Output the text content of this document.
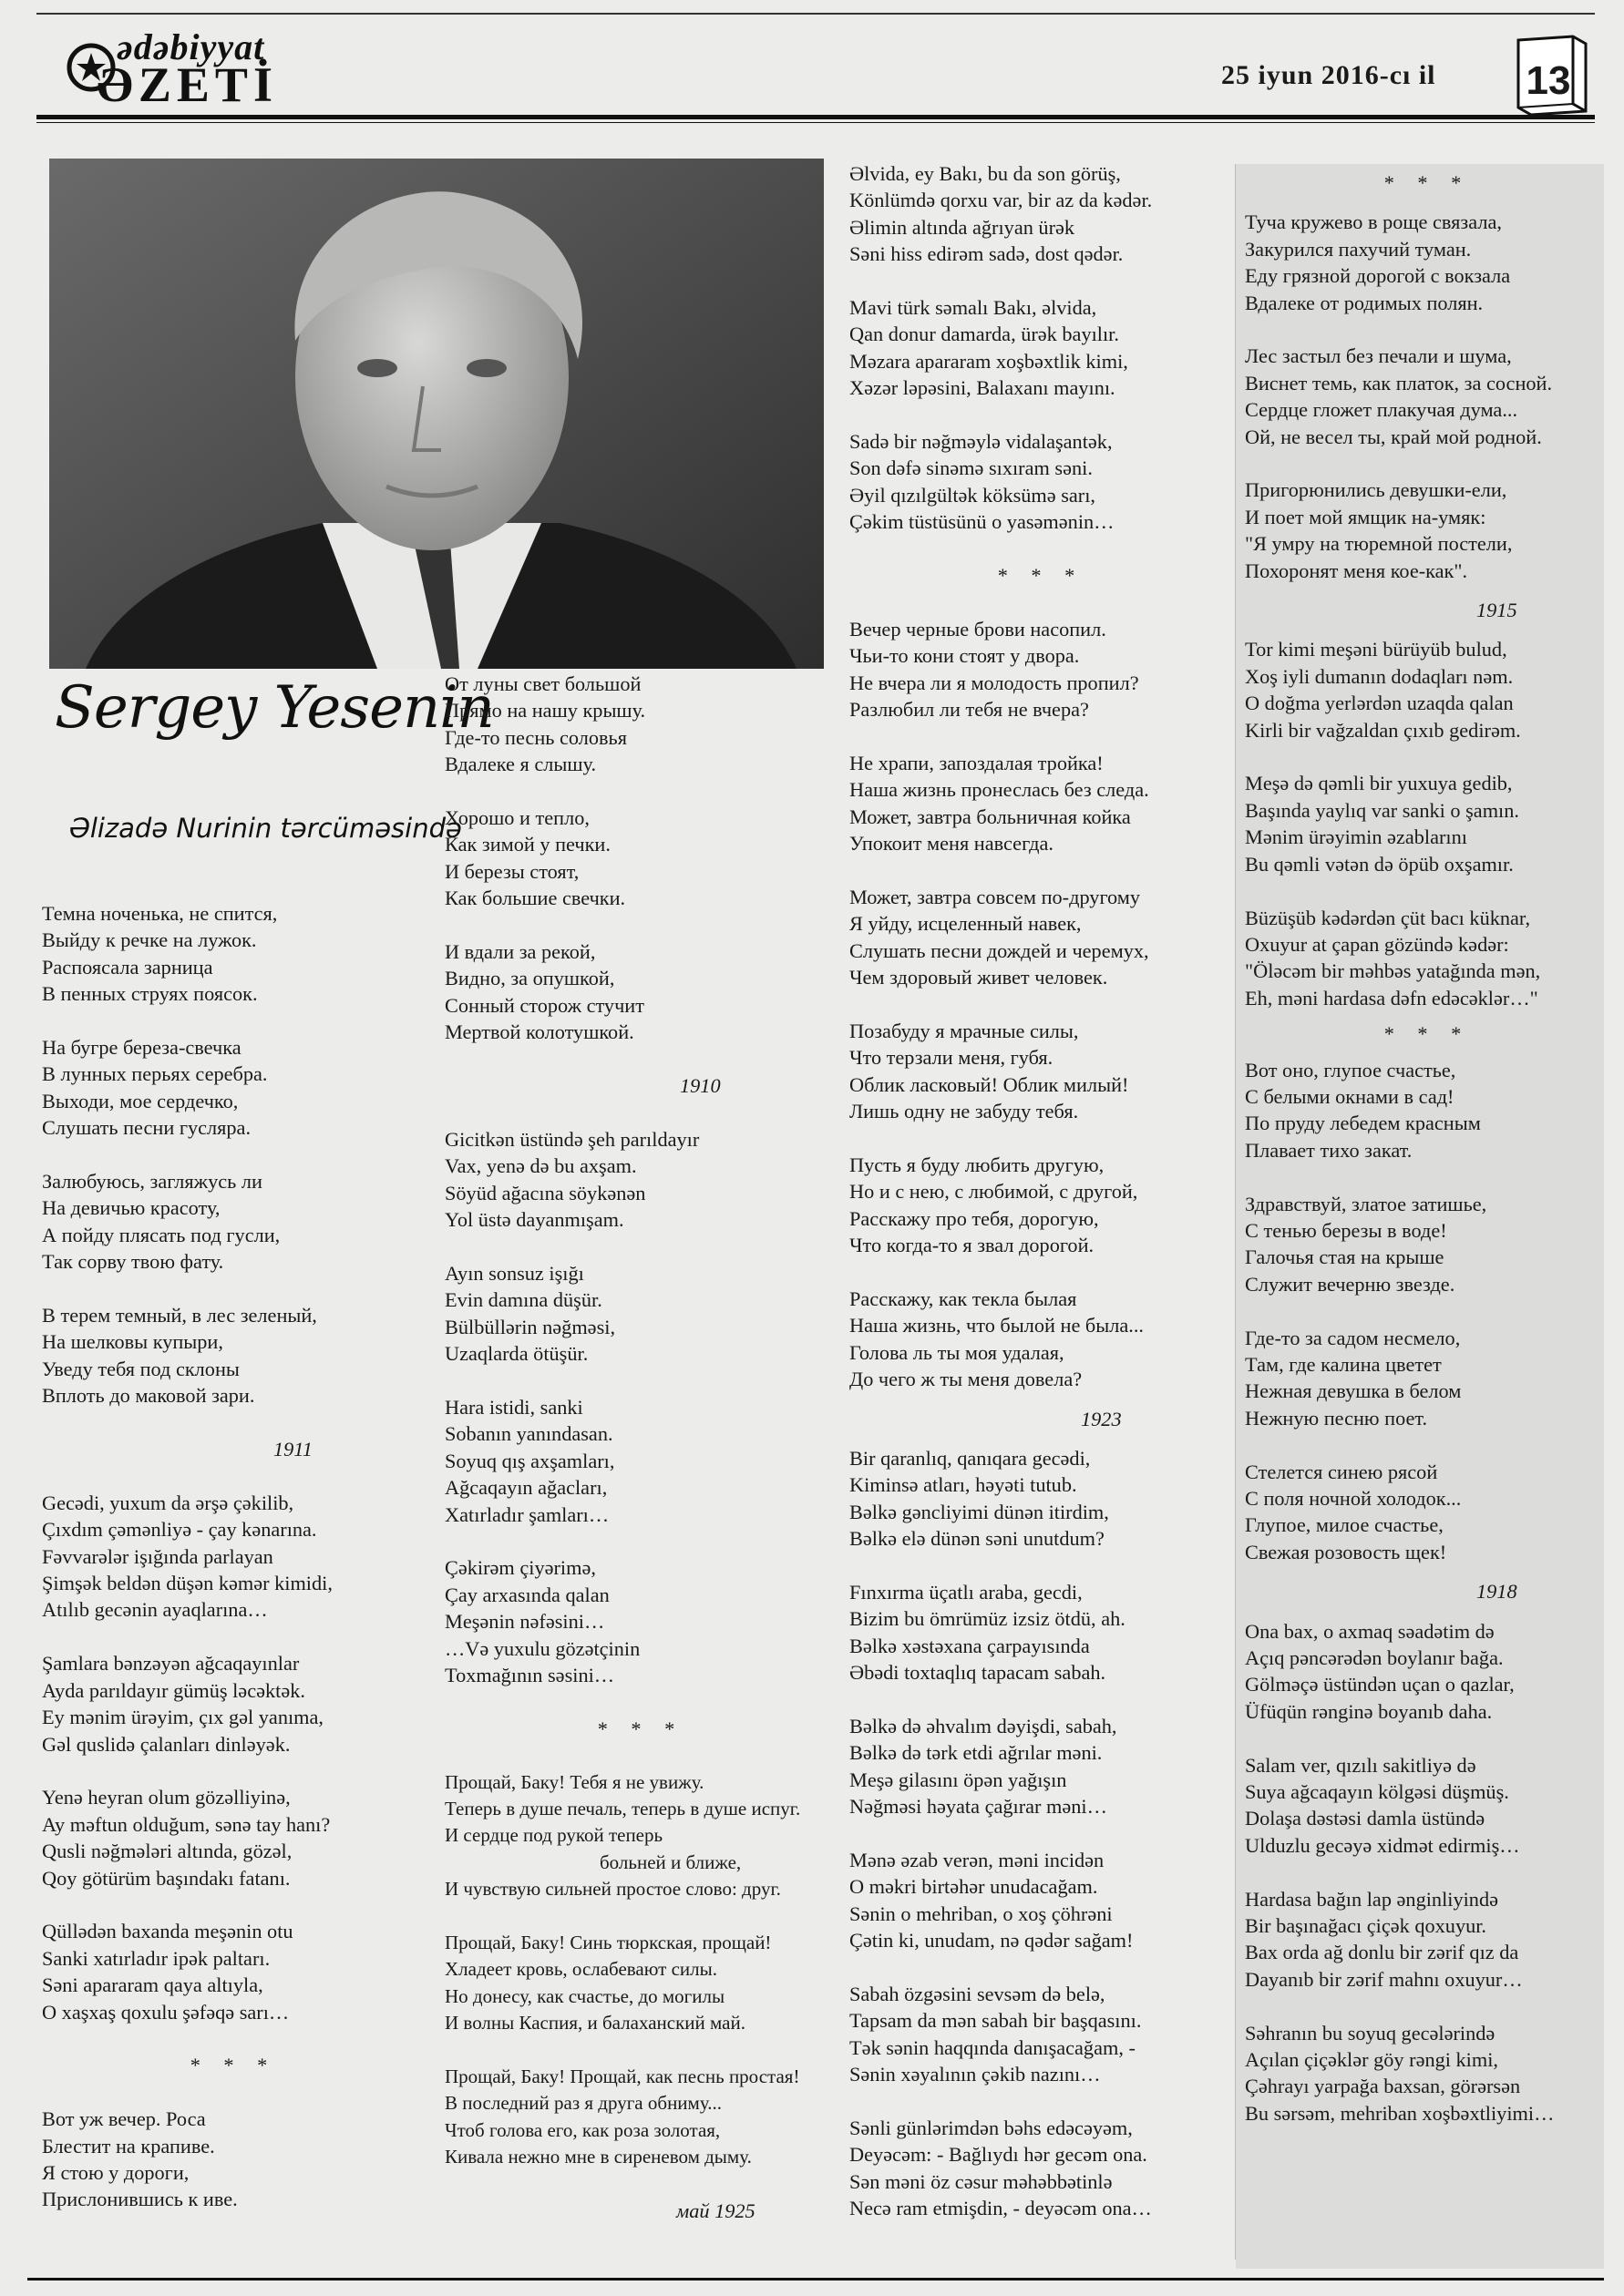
ədəbiyyat
ƏZETİ	25 iyun 2016-cı il 13
Sergey Yesenin
Əlizadə Nurinin tərcüməsində

Темна ноченька, не спится,
Выйду к речке на лужок.
Распоясала зарница
В пенных струях поясок.

На бугре береза-свечка
В лунных перьях серебра.
Выходи, мое сердечко,
Слушать песни гусляра.

Залюбуюсь, загляжусь ли
На девичью красоту,
А пойду плясать под гусли,
Так сорву твою фату.

В терем темный, в лес зеленый,
На шелковы купыри,
Уведу тебя под склоны
Вплоть до маковой зари.

1911

Gecədi, yuxum da ərşə çəkilib,
Çıxdım çəmənliyə - çay kənarına.
Fəvvarələr işığında parlayan
Şimşək beldən düşən kəmər kimidi,
Atılıb gecənin ayaqlarına…

Şamlara bənzəyən ağcaqayınlar
Ayda parıldayır gümüş ləcəktək.
Ey mənim ürəyim, çıx gəl yanıma,
Gəl quslidə çalanları dinləyək.

Yenə heyran olum gözəlliyinə,
Ay məftun olduğum, sənə tay hanı?
Qusli nəğmələri altında, gözəl,
Qoy götürüm başındakı fatanı.

Qüllədən baxanda meşənin otu
Sanki xatırladır ipək paltarı.
Səni apararam qaya altıyla,
O xaşxaş qoxulu şəfəqə sarı…

* * *

Вот уж вечер. Роса
Блестит на крапиве.
Я стою у дороги,
Прислонившись к иве.

От луны свет большой
Прямо на нашу крышу.
Где-то песнь соловья
Вдалеке я слышу.

Хорошо и тепло,
Как зимой у печки.
И березы стоят,
Как большие свечки.

И вдали за рекой,
Видно, за опушкой,
Сонный сторож стучит
Мертвой колотушкой.

1910

Gicitkən üstündə şeh parıldayır
Vax, yenə də bu axşam.
Söyüd ağacına söykənən
Yol üstə dayanmışam.

Ayın sonsuz işığı
Evin damına düşür.
Bülbüllərin nəğməsi,
Uzaqlarda ötüşür.

Hara istidi, sanki
Sobanın yanındasan.
Soyuq qış axşamları,
Ağcaqayın ağacları,
Xatırladır şamları…

Çəkirəm çiyərimə,
Çay arxasında qalan
Meşənin nəfəsini…
…Və yuxulu gözətçinin
Toxmağının səsini…

* * *

Прощай, Баку! Тебя я не увижу.
Теперь в душе печаль, теперь в душе испуг.
И сердце под рукой теперь

больней и ближе,

И чувствую сильней простое слово: друг.

Прощай, Баку! Синь тюркская, прощай!
Хладеет кровь, ослабевают силы.
Но донесу, как счастье, до могилы
И волны Каспия, и балаханский май.

Прощай, Баку! Прощай, как песнь простая!
В последний раз я друга обниму...
Чтоб голова его, как роза золотая,
Кивала нежно мне в сиреневом дыму.

май 1925

Əlvida, ey Bakı, bu da son görüş,
Könlümdə qorxu var, bir az da kədər.
Əlimin altında ağrıyan ürək
Səni hiss edirəm sadə, dost qədər.

Mavi türk səmalı Bakı, əlvida,
Qan donur damarda, ürək bayılır.
Məzara apararam xoşbəxtlik kimi,
Xəzər ləpəsini, Balaxanı mayını.

Sadə bir nəğməylə vidalaşantək,
Son dəfə sinəmə sıxıram səni.
Əyil qızılgültək köksümə sarı,
Çəkim tüstüsünü o yasəmənin…

* * *

Вечер черные брови насопил.
Чьи-то кони стоят у двора.
Не вчера ли я молодость пропил?
Разлюбил ли тебя не вчера?

Не храпи, запоздалая тройка!
Наша жизнь пронеслась без следа.
Может, завтра больничная койка
Упокоит меня навсегда.

Может, завтра совсем по-другому
Я уйду, исцеленный навек,
Слушать песни дождей и черемух,
Чем здоровый живет человек.

Позабуду я мрачные силы,
Что терзали меня, губя.
Облик ласковый! Облик милый!
Лишь одну не забуду тебя.

Пусть я буду любить другую,
Но и с нею, с любимой, с другой,
Расскажу про тебя, дорогую,
Что когда-то я звал дорогой.

Расскажу, как текла былая
Наша жизнь, что былой не была...
Голова ль ты моя удалая,
До чего ж ты меня довела?

1923

Bir qaranlıq, qanıqara gecədi,
Kiminsə atları, həyəti tutub.
Bəlkə gəncliyimi dünən itirdim,
Bəlkə elə dünən səni unutdum?

Fınxırma üçatlı araba, gecdi,
Bizim bu ömrümüz izsiz ötdü, ah.
Bəlkə xəstəxana çarpayısında
Əbədi toxtaqlıq tapacam sabah.

Bəlkə də əhvalım dəyişdi, sabah,
Bəlkə də tərk etdi ağrılar məni.
Meşə gilasını öpən yağışın
Nəğməsi həyata çağırar məni…

Mənə əzab verən, məni incidən
O məkri birtəhər unudacağam.
Sənin o mehriban, o xoş çöhrəni
Çətin ki, unudam, nə qədər sağam!

Sabah özgəsini sevsəm də belə,
Tapsam da mən sabah bir başqasını.
Tək sənin haqqında danışacağam, -
Sənin xəyalının çəkib nazını…

Sənli günlərimdən bəhs edəcəyəm,
Deyəcəm: - Bağlıydı hər gecəm ona.
Sən məni öz cəsur məhəbbətinlə
Necə ram etmişdin, - deyəcəm ona…

* * *

Туча кружево в роще связала,
Закурился пахучий туман.
Еду грязной дорогой с вокзала
Вдалеке от родимых полян.

Лес застыл без печали и шума,
Виснет темь, как платок, за сосной.
Сердце гложет плакучая дума...
Ой, не весел ты, край мой родной.

Пригорюнились девушки-ели,
И поет мой ямщик на-умяк:
"Я умру на тюремной постели,
Похоронят меня кое-как".

1915

Tor kimi meşəni bürüyüb bulud,
Xoş iyli dumanın dodaqları nəm.
O doğma yerlərdən uzaqda qalan
Kirli bir vağzaldan çıxıb gedirəm.

Meşə də qəmli bir yuxuya gedib,
Başında yaylıq var sanki o şamın.
Mənim ürəyimin əzablarını
Bu qəmli vətən də öpüb oxşamır.

Büzüşüb kədərdən çüt bacı küknar,
Oxuyur at çapan gözündə kədər:
"Öləcəm bir məhbəs yatağında mən,
Eh, məni hardasa dəfn edəcəklər…"

* * *

Вот оно, глупое счастье,
С белыми окнами в сад!
По пруду лебедем красным
Плавает тихо закат.

Здравствуй, златое затишье,
С тенью березы в воде!
Галочья стая на крыше
Служит вечерню звезде.

Где-то за садом несмело,
Там, где калина цветет
Нежная девушка в белом
Нежную песню поет.

Стелется синею рясой
С поля ночной холодок...
Глупое, милое счастье,
Свежая розовость щек!

1918

Ona bax, o axmaq səadətim də
Açıq pəncərədən boylanır bağa.
Gölməçə üstündən uçan o qazlar,
Üfüqün rənginə boyanıb daha.

Salam ver, qızılı sakitliyə də
Suya ağcaqayın kölgəsi düşmüş.
Dolaşa dəstəsi damla üstündə
Ulduzlu gecəyə xidmət edirmiş…

Hardasa bağın lap ənginliyində
Bir başınağacı çiçək qoxuyur.
Bax orda ağ donlu bir zərif qız da
Dayanıb bir zərif mahnı oxuyur…

Səhranın bu soyuq gecələrində
Açılan çiçəklər göy rəngi kimi,
Çəhrayı yarpağa baxsan, görərsən
Bu sərsəm, mehriban xoşbəxtliyimi…
